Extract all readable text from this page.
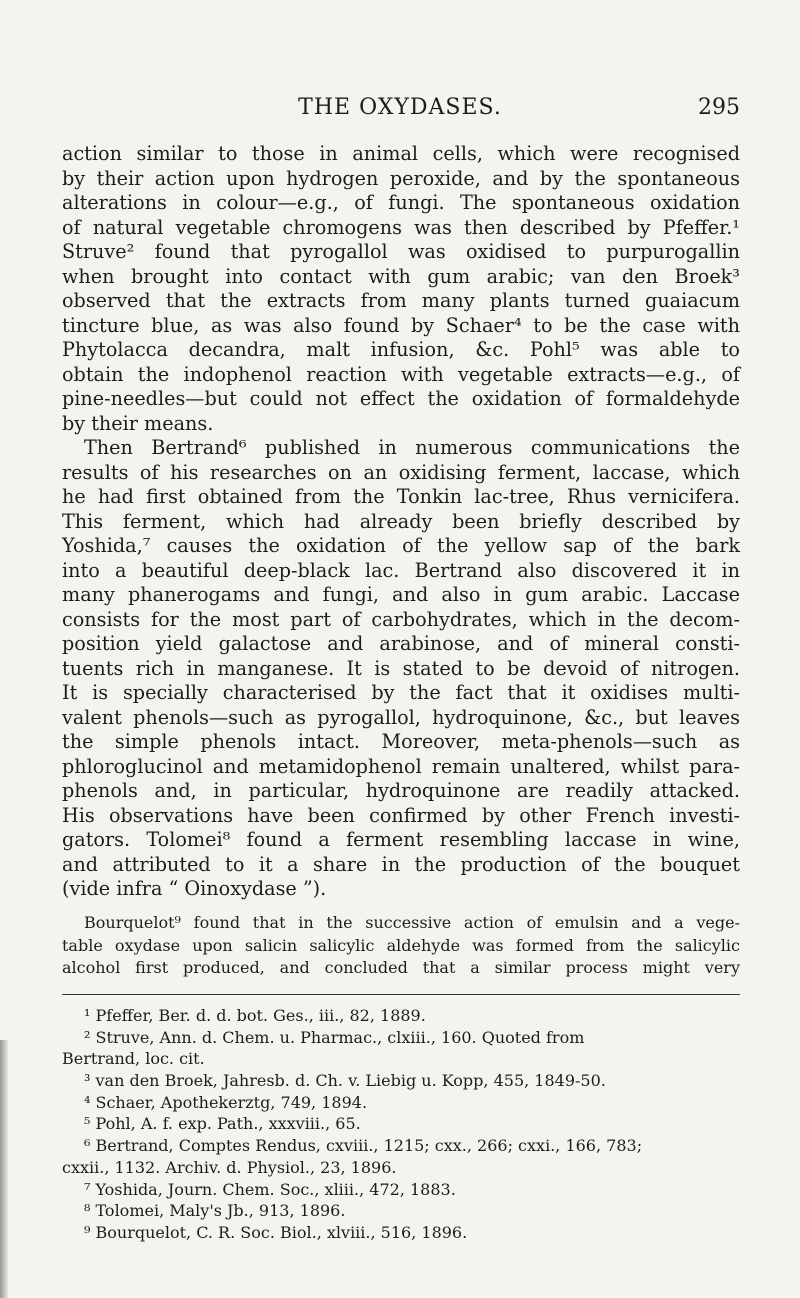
THE OXYDASES.	295
action similar to those in animal cells, which were recognised
by their action upon hydrogen peroxide, and by the spontaneous
alterations in colour—e.g., of fungi. The spontaneous oxidation
of natural vegetable chromogens was then described by Pfeffer.¹
Struve² found that pyrogallol was oxidised to purpurogallin
when brought into contact with gum arabic; van den Broek³
observed that the extracts from many plants turned guaiacum
tincture blue, as was also found by Schaer⁴ to be the case with
Phytolacca decandra, malt infusion, &c. Pohl⁵ was able to
obtain the indophenol reaction with vegetable extracts—e.g., of
pine-needles—but could not effect the oxidation of formaldehyde
by their means.
Then Bertrand⁶ published in numerous communications the
results of his researches on an oxidising ferment, laccase, which
he had first obtained from the Tonkin lac-tree, Rhus vernicifera.
This ferment, which had already been briefly described by
Yoshida,⁷ causes the oxidation of the yellow sap of the bark
into a beautiful deep-black lac. Bertrand also discovered it in
many phanerogams and fungi, and also in gum arabic. Laccase
consists for the most part of carbohydrates, which in the decom-
position yield galactose and arabinose, and of mineral consti-
tuents rich in manganese. It is stated to be devoid of nitrogen.
It is specially characterised by the fact that it oxidises multi-
valent phenols—such as pyrogallol, hydroquinone, &c., but leaves
the simple phenols intact. Moreover, meta-phenols—such as
phloroglucinol and metamidophenol remain unaltered, whilst para-
phenols and, in particular, hydroquinone are readily attacked.
His observations have been confirmed by other French investi-
gators. Tolomei⁸ found a ferment resembling laccase in wine,
and attributed to it a share in the production of the bouquet
(vide infra “ Oinoxydase ”).
Bourquelot⁹ found that in the successive action of emulsin and a vege-
table oxydase upon salicin salicylic aldehyde was formed from the salicylic
alcohol first produced, and concluded that a similar process might very
¹ Pfeffer, Ber. d. d. bot. Ges., iii., 82, 1889.
² Struve, Ann. d. Chem. u. Pharmac., clxiii., 160. Quoted from
Bertrand, loc. cit.
³ van den Broek, Jahresb. d. Ch. v. Liebig u. Kopp, 455, 1849-50.
⁴ Schaer, Apothekerztg, 749, 1894.
⁵ Pohl, A. f. exp. Path., xxxviii., 65.
⁶ Bertrand, Comptes Rendus, cxviii., 1215; cxx., 266; cxxi., 166, 783;
cxxii., 1132. Archiv. d. Physiol., 23, 1896.
⁷ Yoshida, Journ. Chem. Soc., xliii., 472, 1883.
⁸ Tolomei, Maly's Jb., 913, 1896.
⁹ Bourquelot, C. R. Soc. Biol., xlviii., 516, 1896.
